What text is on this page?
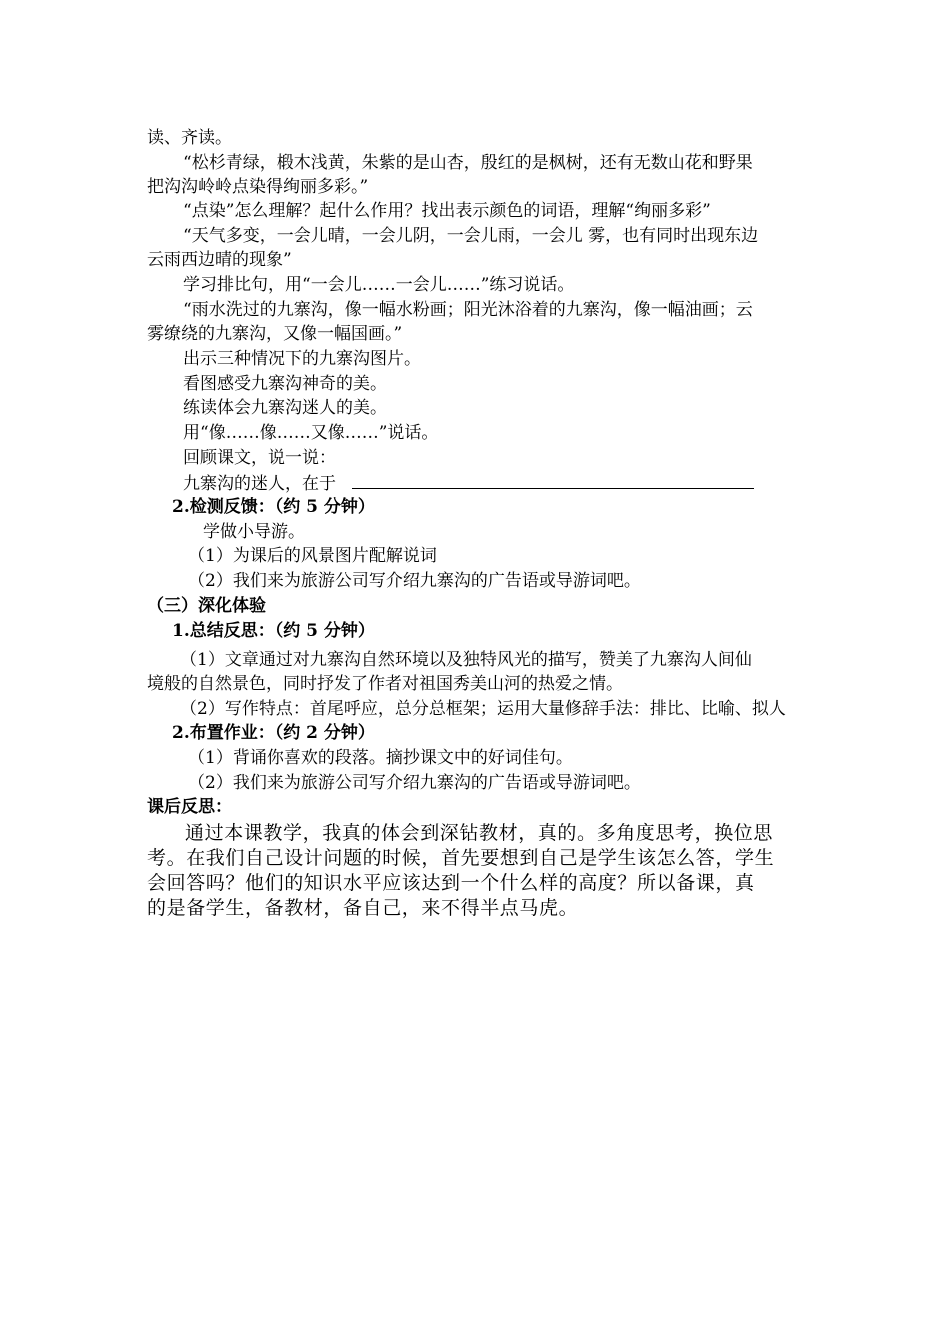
读、齐读。
“松杉青绿，椴木浅黄，朱紫的是山杏，殷红的是枫树，还有无数山花和野果
把沟沟岭岭点染得绚丽多彩。”
“点染”怎么理解？起什么作用？找出表示颜色的词语，理解“绚丽多彩”
“天气多变，一会儿晴，一会儿阴，一会儿雨，一会儿 雾，也有同时出现东边
云雨西边晴的现象”
学习排比句，用“一会儿……一会儿……”练习说话。
“雨水洗过的九寨沟，像一幅水粉画；阳光沐浴着的九寨沟，像一幅油画；云
雾缭绕的九寨沟，又像一幅国画。”
出示三种情况下的九寨沟图片。
看图感受九寨沟神奇的美。
练读体会九寨沟迷人的美。
用“像……像……又像……”说话。
回顾课文，说一说：
九寨沟的迷人，在于
2.检测反馈：（约 5 分钟）
学做小导游。
（1）为课后的风景图片配解说词
（2）我们来为旅游公司写介绍九寨沟的广告语或导游词吧。
（三）深化体验
1.总结反思：（约 5 分钟）
（1）文章通过对九寨沟自然环境以及独特风光的描写，赞美了九寨沟人间仙
境般的自然景色，同时抒发了作者对祖国秀美山河的热爱之情。
（2）写作特点：首尾呼应，总分总框架；运用大量修辞手法：排比、比喻、拟人
2.布置作业：（约 2 分钟）
（1）背诵你喜欢的段落。摘抄课文中的好词佳句。
（2）我们来为旅游公司写介绍九寨沟的广告语或导游词吧。
课后反思：
通过本课教学，我真的体会到深钻教材，真的。多角度思考，换位思
考。在我们自己设计问题的时候，首先要想到自己是学生该怎么答，学生
会回答吗？他们的知识水平应该达到一个什么样的高度？所以备课，真
的是备学生，备教材，备自己，来不得半点马虎。
